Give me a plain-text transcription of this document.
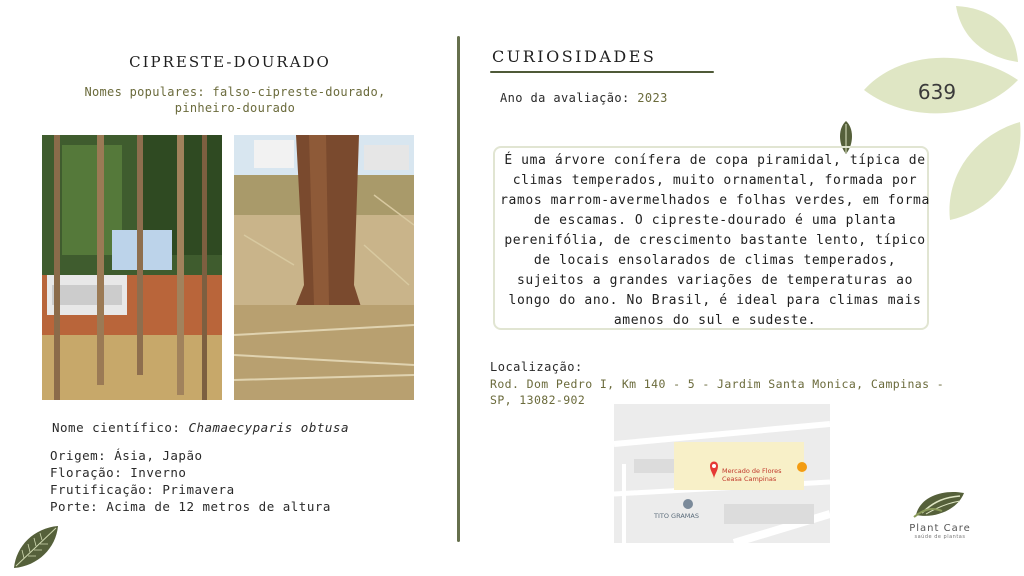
639
CIPRESTE-DOURADO
Nomes populares: falso-cipreste-dourado, pinheiro-dourado
Nome científico: Chamaecyparis obtusa
Origem: Ásia, Japão
Floração: Inverno
Frutificação: Primavera
Porte: Acima de 12 metros de altura
CURIOSIDADES
Ano da avaliação: 2023
É uma árvore conífera de copa piramidal, típica de climas temperados, muito ornamental, formada por ramos marrom-avermelhados e folhas verdes, em forma de escamas. O cipreste-dourado é uma planta perenifólia, de crescimento bastante lento, típico de locais ensolarados de climas temperados, sujeitos a grandes variações de temperaturas ao longo do ano. No Brasil, é ideal para climas mais amenos do sul e sudeste.
Localização:
Rod. Dom Pedro I, Km 140 - 5 - Jardim Santa Monica, Campinas - SP, 13082-902
Mercado de Flores
Ceasa Campinas
TITO GRAMAS
Plant Care
saúde de plantas
